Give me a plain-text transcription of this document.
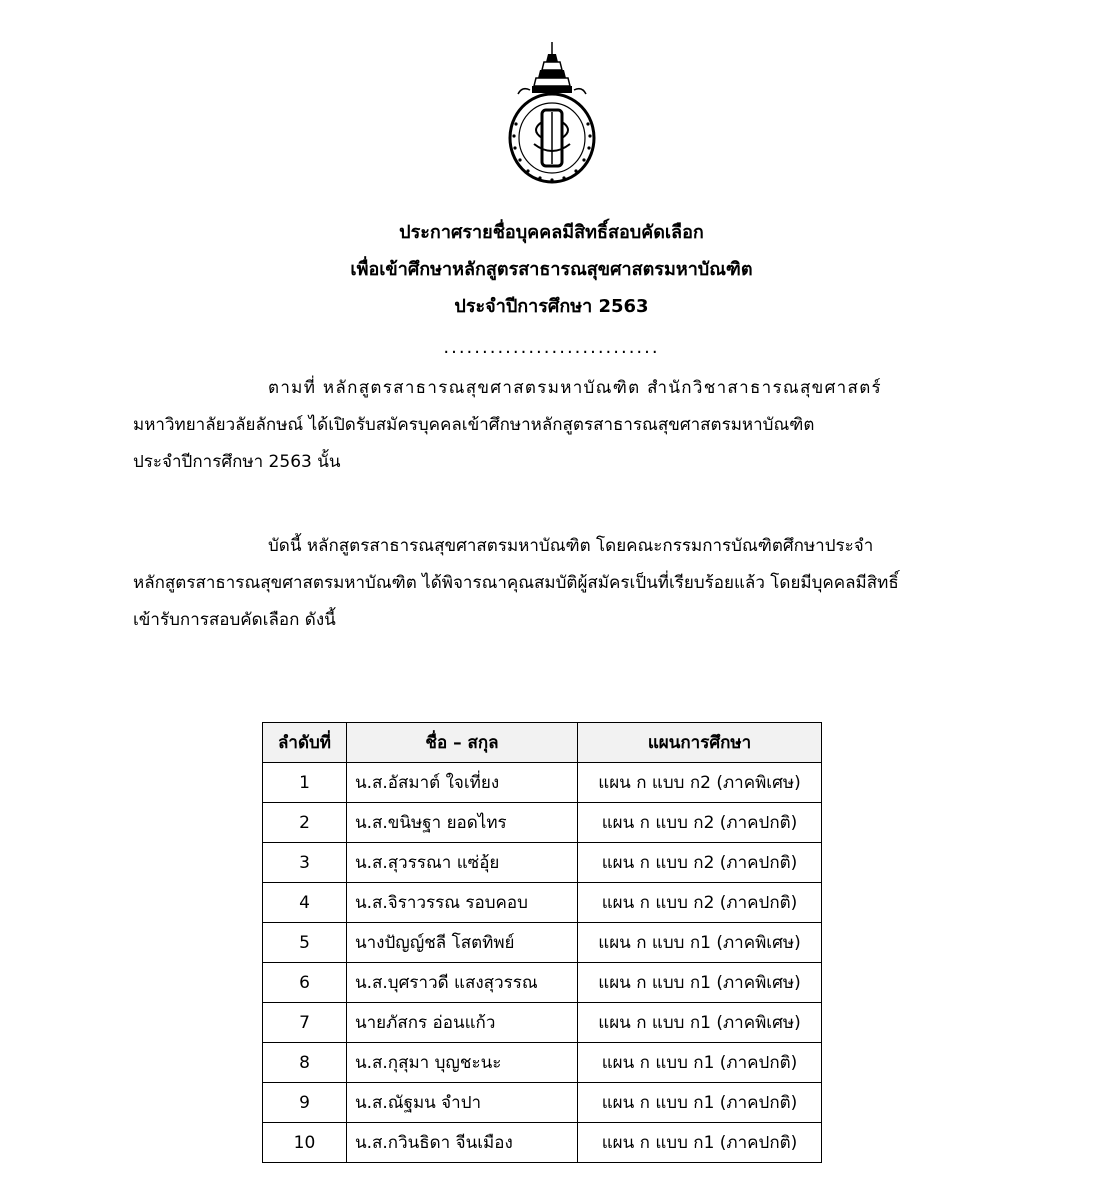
ประกาศรายชื่อบุคคลมีสิทธิ์สอบคัดเลือก
เพื่อเข้าศึกษาหลักสูตรสาธารณสุขศาสตรมหาบัณฑิต
ประจำปีการศึกษา 2563
............................

ตามที่ หลักสูตรสาธารณสุขศาสตรมหาบัณฑิต สำนักวิชาสาธารณสุขศาสตร์

มหาวิทยาลัยวลัยลักษณ์ ได้เปิดรับสมัครบุคคลเข้าศึกษาหลักสูตรสาธารณสุขศาสตรมหาบัณฑิต

ประจำปีการศึกษา 2563 นั้น

บัดนี้ หลักสูตรสาธารณสุขศาสตรมหาบัณฑิต โดยคณะกรรมการบัณฑิตศึกษาประจำ

หลักสูตรสาธารณสุขศาสตรมหาบัณฑิต ได้พิจารณาคุณสมบัติผู้สมัครเป็นที่เรียบร้อยแล้ว โดยมีบุคคลมีสิทธิ์

เข้ารับการสอบคัดเลือก ดังนี้

ลำดับที่	ชื่อ – สกุล	แผนการศึกษา
1	น.ส.อัสมาต์ ใจเที่ยง	แผน ก แบบ ก2 (ภาคพิเศษ)
2	น.ส.ขนิษฐา ยอดไทร	แผน ก แบบ ก2 (ภาคปกติ)
3	น.ส.สุวรรณา แซ่อุ้ย	แผน ก แบบ ก2 (ภาคปกติ)
4	น.ส.จิราวรรณ รอบคอบ	แผน ก แบบ ก2 (ภาคปกติ)
5	นางปัญญ์ชลี โสตทิพย์	แผน ก แบบ ก1 (ภาคพิเศษ)
6	น.ส.บุศราวดี แสงสุวรรณ	แผน ก แบบ ก1 (ภาคพิเศษ)
7	นายภัสกร อ่อนแก้ว	แผน ก แบบ ก1 (ภาคพิเศษ)
8	น.ส.กุสุมา บุญชะนะ	แผน ก แบบ ก1 (ภาคปกติ)
9	น.ส.ณัฐมน จำปา	แผน ก แบบ ก1 (ภาคปกติ)
10	น.ส.กวินธิดา จีนเมือง	แผน ก แบบ ก1 (ภาคปกติ)
